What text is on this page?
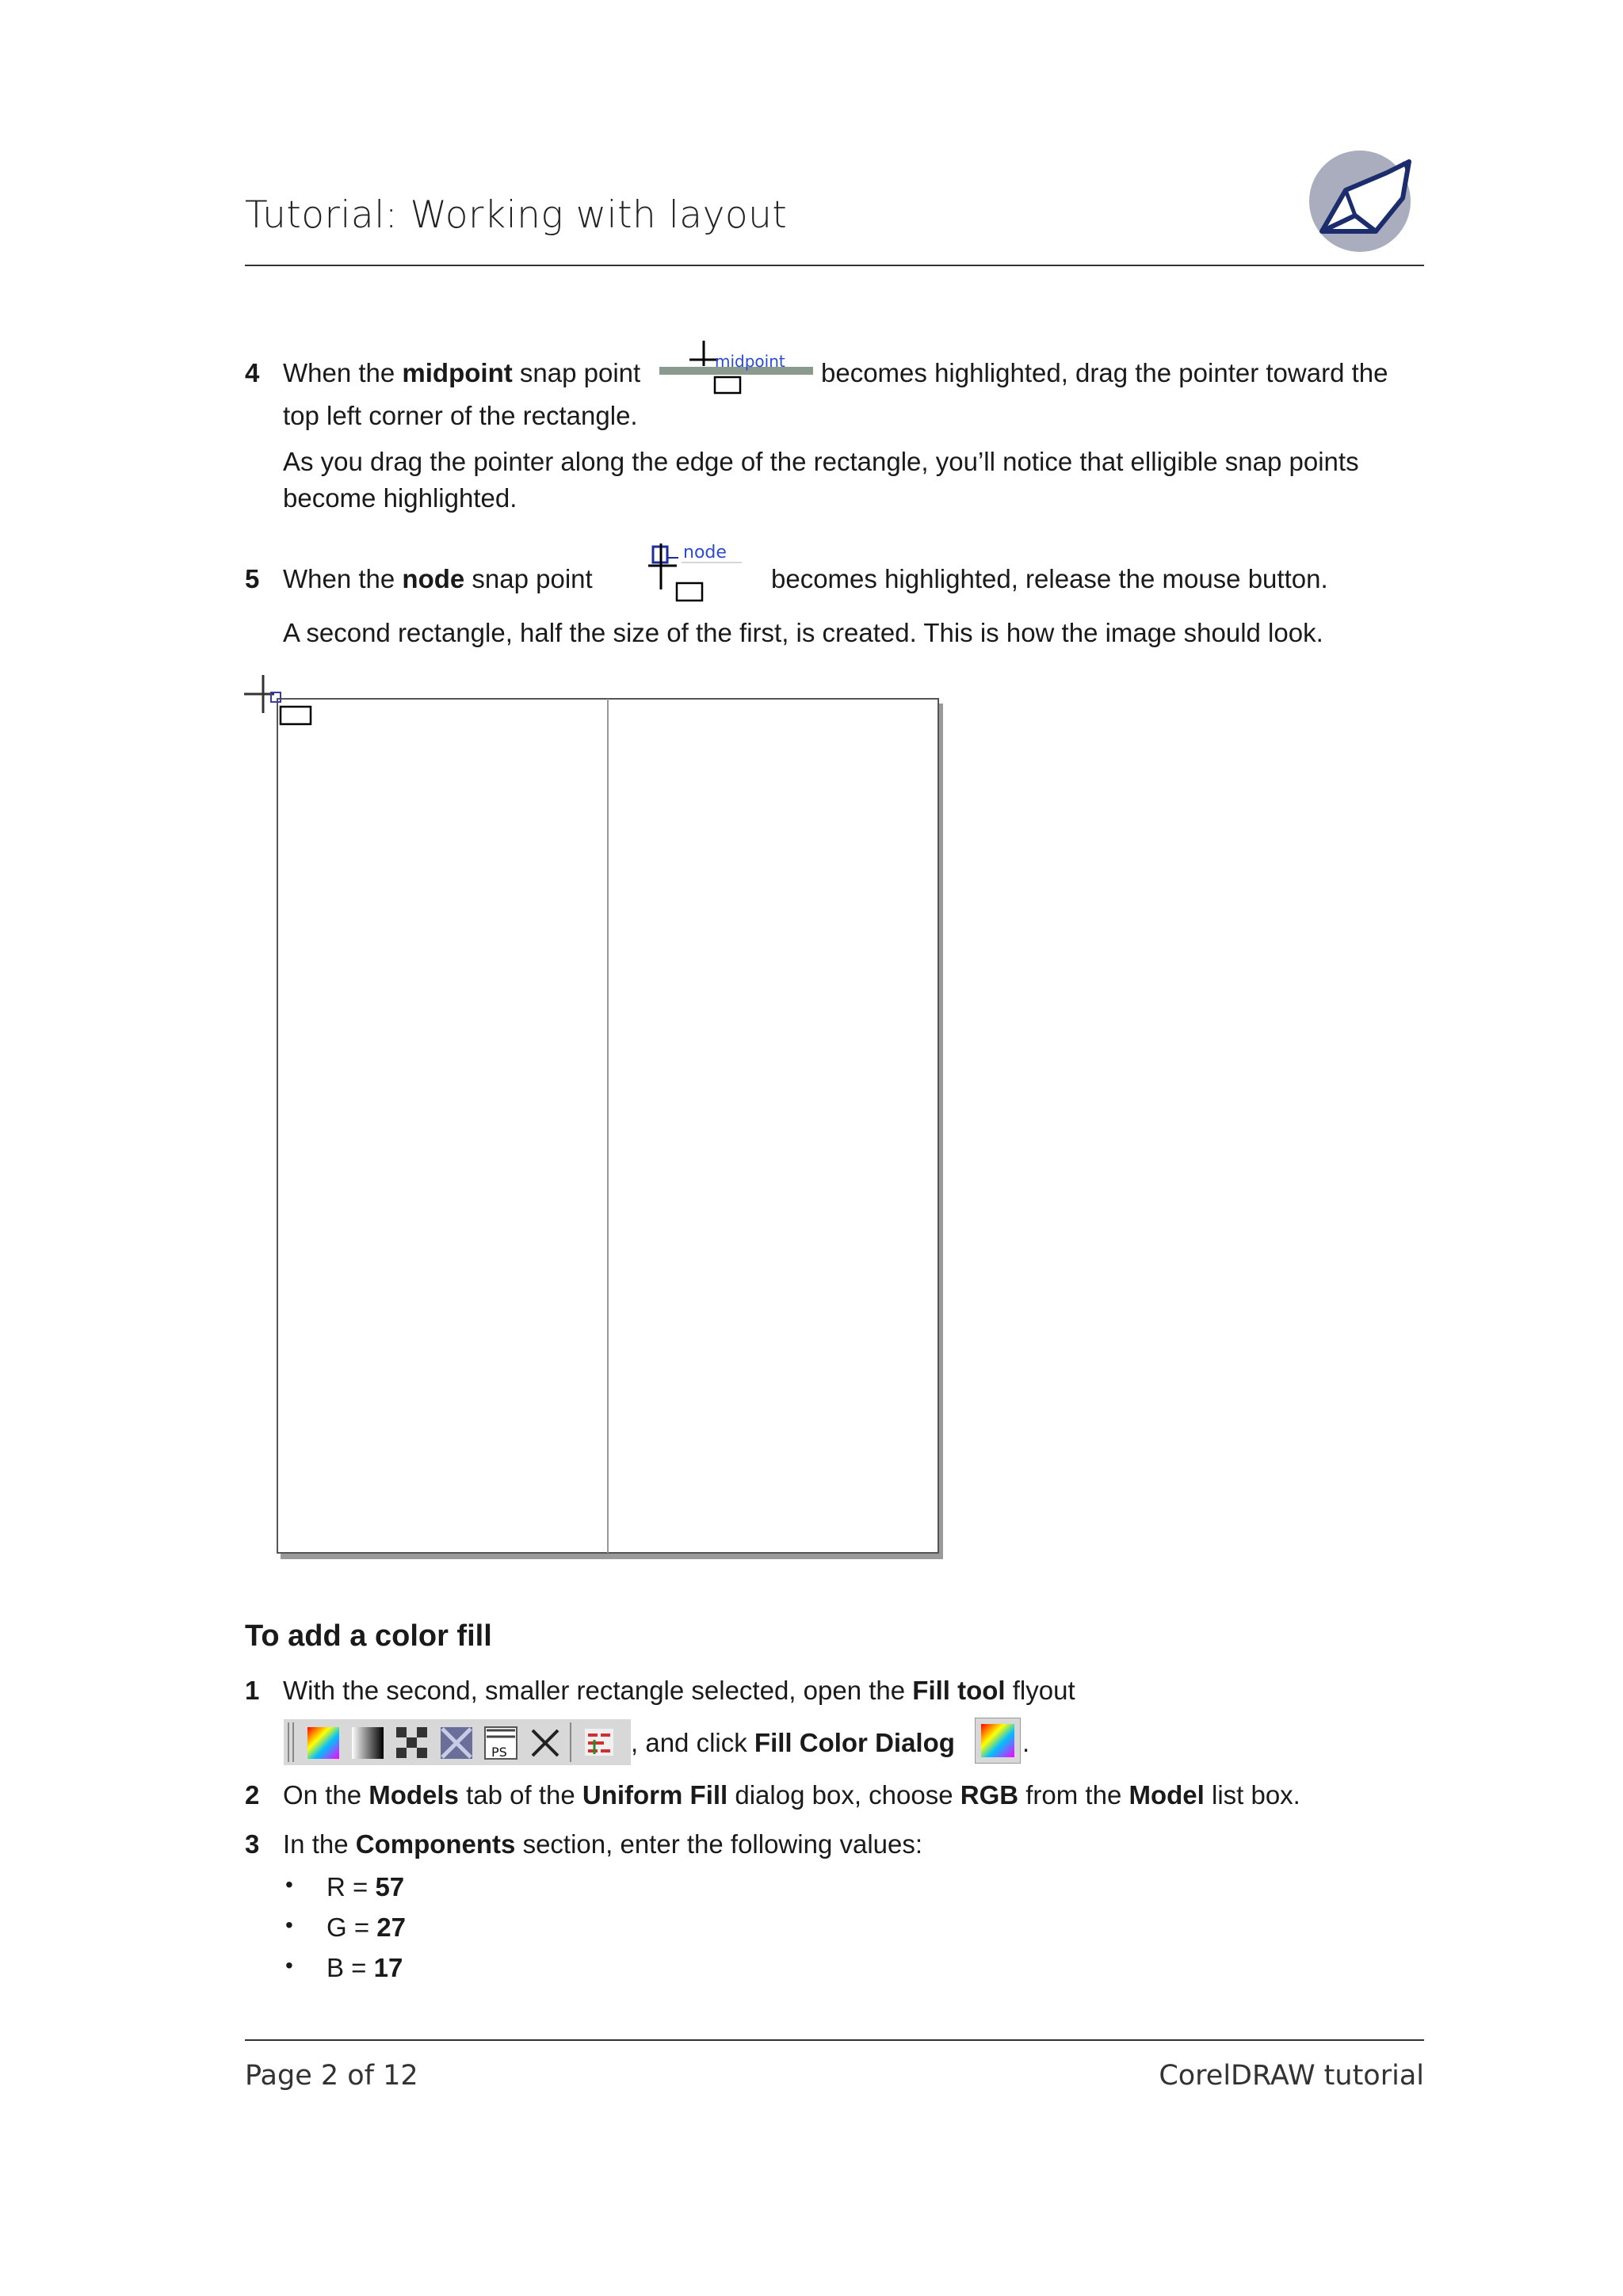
Tutorial: Working with layout
4 When the midpoint snap point	midpoint becomes highlighted, drag the pointer toward the
top left corner of the rectangle.
As you drag the pointer along the edge of the rectangle, you’ll notice that elligible snap points
become highlighted.
5 When the node snap point
node
becomes highlighted, release the mouse button.
A second rectangle, half the size of the first, is created. This is how the image should look.
To add a color fill
1 With the second, smaller rectangle selected, open the Fill tool flyout
PS	, and click Fill Color Dialog	.
2 On the Models tab of the Uniform Fill dialog box, choose RGB from the Model list box.
3 In the Components section, enter the following values:
• R = 57
• G = 27
• B = 17
Page 2 of 12	CorelDRAW tutorial
